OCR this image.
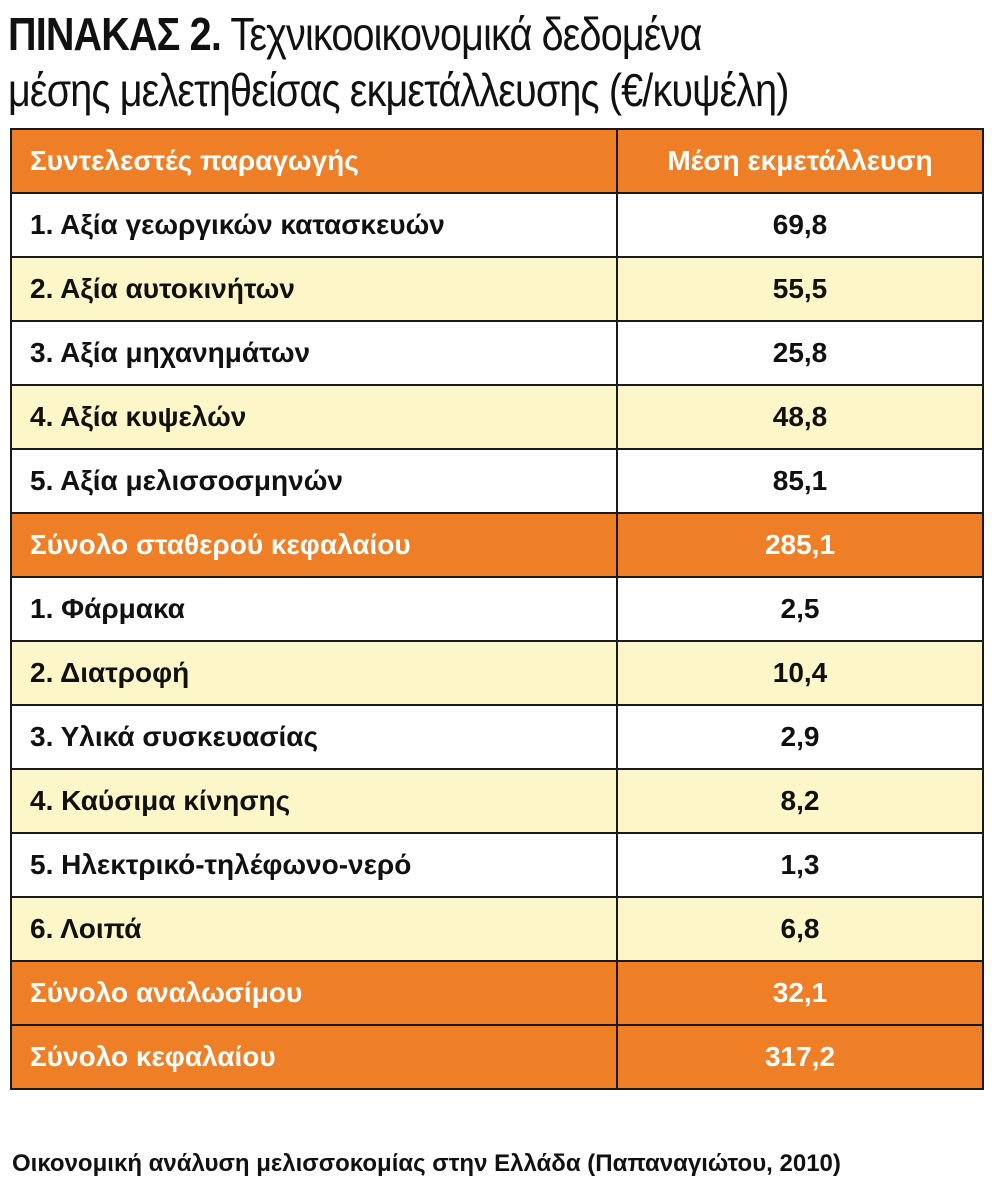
ΠΙΝΑΚΑΣ 2. Τεχνικοοικονομικά δεδομένα
μέσης μελετηθείσας εκμετάλλευσης (€/κυψέλη)
Συντελεστές παραγωγής	Μέση εκμετάλλευση
1. Αξία γεωργικών κατασκευών	69,8
2. Αξία αυτοκινήτων	55,5
3. Αξία μηχανημάτων	25,8
4. Αξία κυψελών	48,8
5. Αξία μελισσοσμηνών	85,1
Σύνολο σταθερού κεφαλαίου	285,1
1. Φάρμακα	2,5
2. Διατροφή	10,4
3. Υλικά συσκευασίας	2,9
4. Καύσιμα κίνησης	8,2
5. Ηλεκτρικό-τηλέφωνο-νερό	1,3
6. Λοιπά	6,8
Σύνολο αναλωσίμου	32,1
Σύνολο κεφαλαίου	317,2
Οικονομική ανάλυση μελισσοκομίας στην Ελλάδα (Παπαναγιώτου, 2010)
